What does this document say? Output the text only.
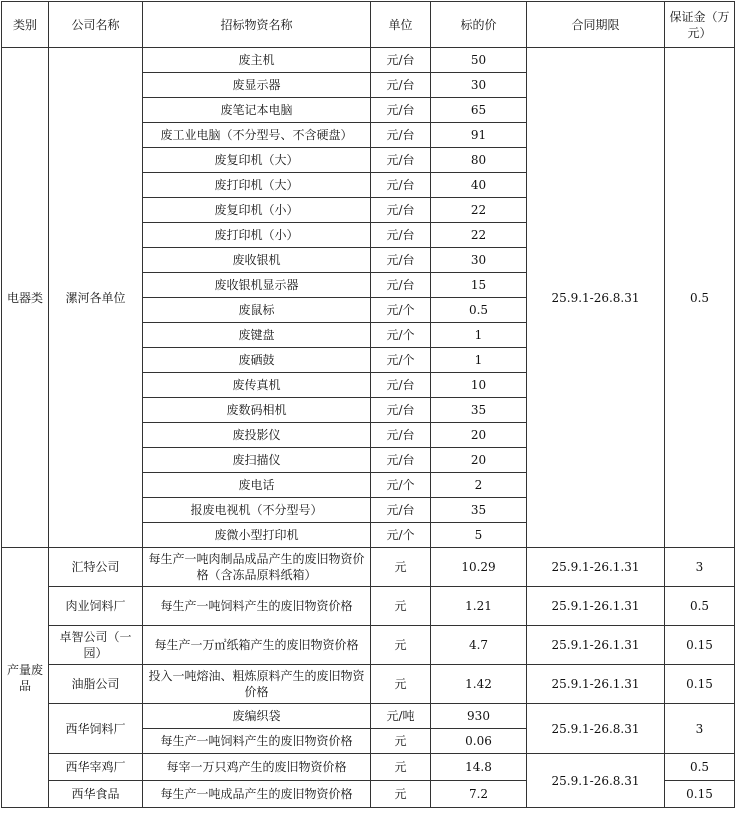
类别	公司名称	招标物资名称	单位	标的价	合同期限	保证金（万元）
电器类	漯河各单位	废主机	元/台	50	25.9.1-26.8.31	0.5
		废显示器	元/台	30		
		废笔记本电脑	元/台	65		
		废工业电脑（不分型号、不含硬盘）	元/台	91		
		废复印机（大）	元/台	80		
		废打印机（大）	元/台	40		
		废复印机（小）	元/台	22		
		废打印机（小）	元/台	22		
		废收银机	元/台	30		
		废收银机显示器	元/台	15		
		废鼠标	元/个	0.5		
		废键盘	元/个	1		
		废硒鼓	元/个	1		
		废传真机	元/台	10		
		废数码相机	元/台	35		
		废投影仪	元/台	20		
		废扫描仪	元/台	20		
		废电话	元/个	2		
		报废电视机（不分型号）	元/台	35		
		废微小型打印机	元/个	5		
产量废品	汇特公司	每生产一吨肉制品成品产生的废旧物资价格（含冻品原料纸箱）	元	10.29	25.9.1-26.1.31	3
	肉业饲料厂	每生产一吨饲料产生的废旧物资价格	元	1.21	25.9.1-26.1.31	0.5
	卓智公司（一园）	每生产一万㎡纸箱产生的废旧物资价格	元	4.7	25.9.1-26.1.31	0.15
	油脂公司	投入一吨熔油、粗炼原料产生的废旧物资价格	元	1.42	25.9.1-26.1.31	0.15
	西华饲料厂	废编织袋	元/吨	930	25.9.1-26.8.31	3
		每生产一吨饲料产生的废旧物资价格	元	0.06		
	西华宰鸡厂	每宰一万只鸡产生的废旧物资价格	元	14.8	25.9.1-26.8.31	0.5
	西华食品	每生产一吨成品产生的废旧物资价格	元	7.2		0.15
